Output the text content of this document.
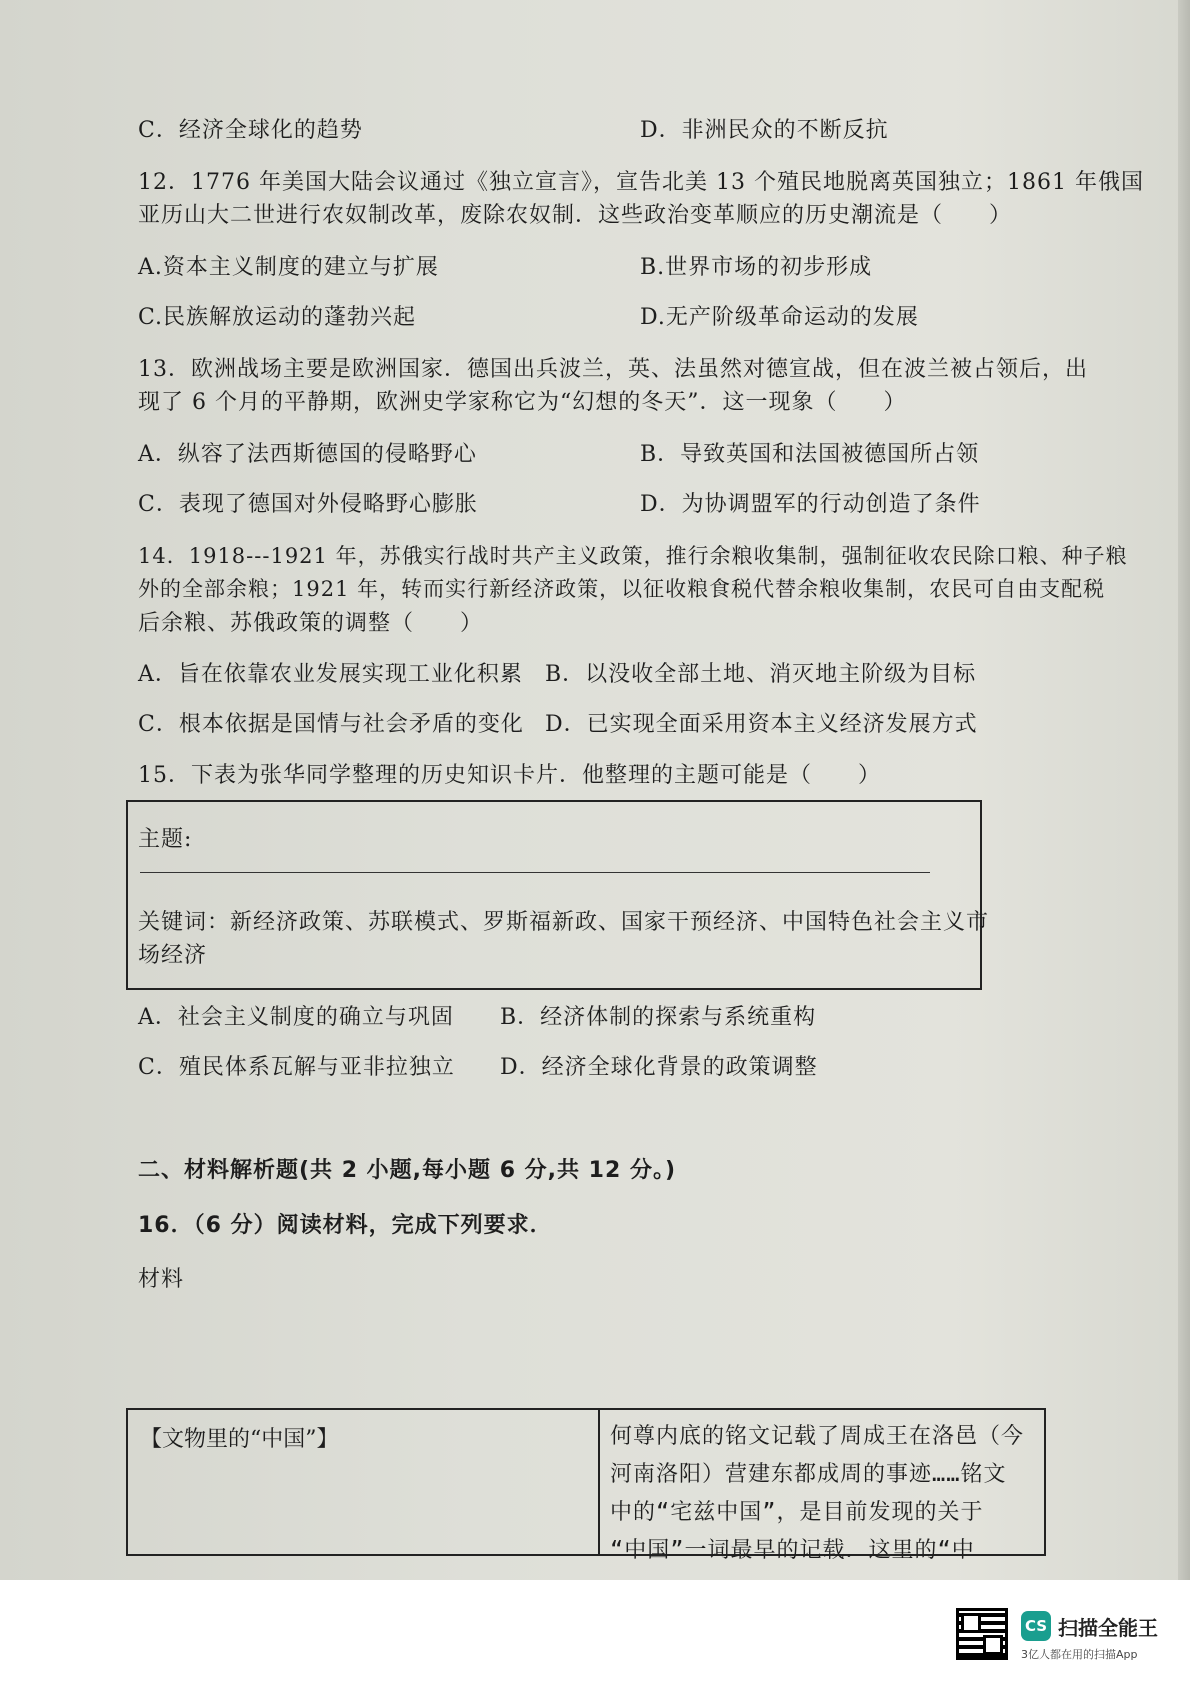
C．经济全球化的趋势	D．非洲民众的不断反抗
12．1776 年美国大陆会议通过《独立宣言》，宣告北美 13 个殖民地脱离英国独立；1861 年俄国
亚历山大二世进行农奴制改革，废除农奴制．这些政治变革顺应的历史潮流是（　　）
A.资本主义制度的建立与扩展	B.世界市场的初步形成
C.民族解放运动的蓬勃兴起	D.无产阶级革命运动的发展
13．欧洲战场主要是欧洲国家．德国出兵波兰，英、法虽然对德宣战，但在波兰被占领后，出
现了 6 个月的平静期，欧洲史学家称它为“幻想的冬天”．这一现象（　　）
A．纵容了法西斯德国的侵略野心	B．导致英国和法国被德国所占领
C．表现了德国对外侵略野心膨胀	D．为协调盟军的行动创造了条件
14．1918---1921 年，苏俄实行战时共产主义政策，推行余粮收集制，强制征收农民除口粮、种子粮
外的全部余粮；1921 年，转而实行新经济政策，以征收粮食税代替余粮收集制，农民可自由支配税
后余粮、苏俄政策的调整（　　）
A．旨在依靠农业发展实现工业化积累 B．以没收全部土地、消灭地主阶级为目标
C．根本依据是国情与社会矛盾的变化 D．已实现全面采用资本主义经济发展方式
15．下表为张华同学整理的历史知识卡片．他整理的主题可能是（　　）
主题:
关键词：新经济政策、苏联模式、罗斯福新政、国家干预经济、中国特色社会主义市
场经济
A．社会主义制度的确立与巩固 B．经济体制的探索与系统重构
C．殖民体系瓦解与亚非拉独立 D．经济全球化背景的政策调整
二、材料解析题(共 2 小题,每小题 6 分,共 12 分。)
16．（6 分）阅读材料，完成下列要求．
材料
【文物里的“中国”】	何尊内底的铭文记载了周成王在洛邑（今
河南洛阳）营建东都成周的事迹……铭文
中的“宅兹中国”，是目前发现的关于
“中国”一词最早的记载．这里的“中
CS 扫描全能王
3亿人都在用的扫描App
